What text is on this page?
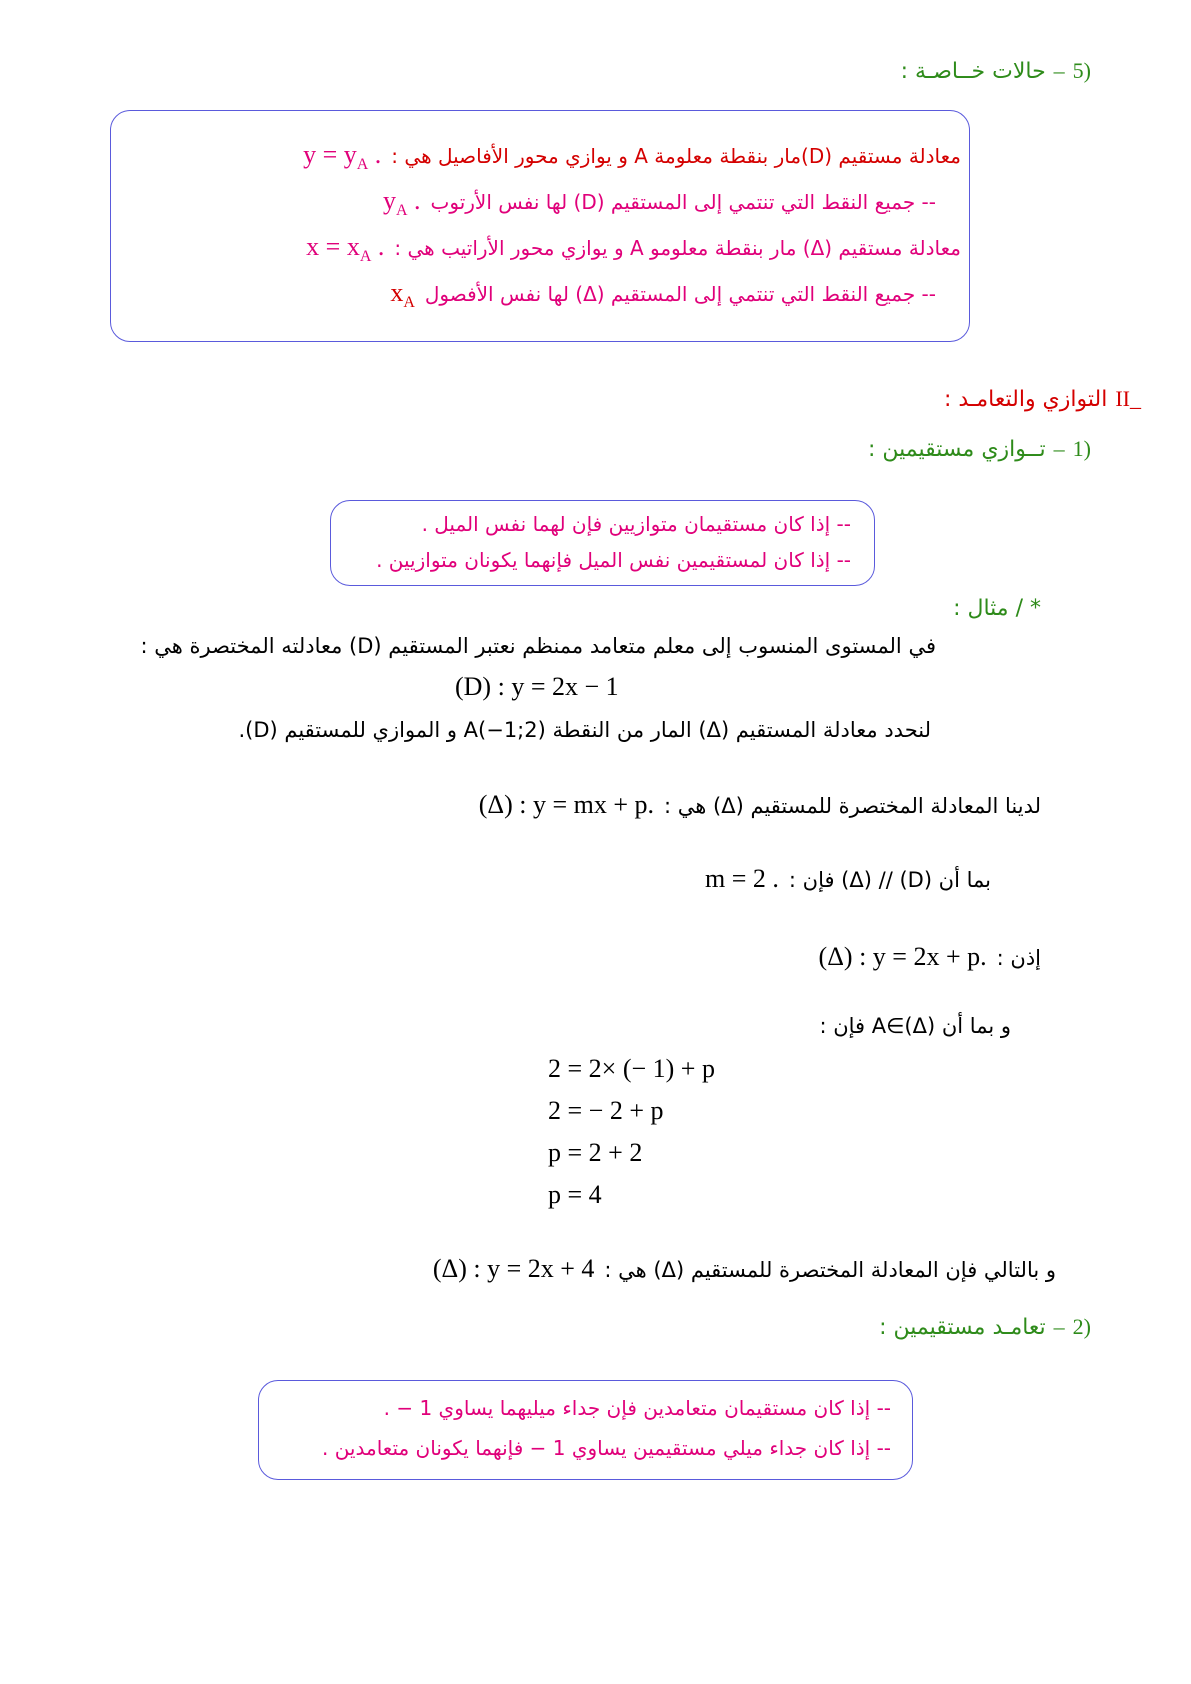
5)
–
حالات خــاصـة :
معادلة مستقيم (D)مار بنقطة معلومة A و يوازي محور الأفاصيل هي :
$y = y_A$ .
-- جميع النقط التي تنتمي إلى المستقيم (D) لها نفس الأرتوب
$y_A$ .
معادلة مستقيم (Δ) مار بنقطة معلومو A و يوازي محور الأراتيب هي :
$x = x_A$ .
-- جميع النقط التي تنتمي إلى المستقيم (Δ) لها نفس الأفصول
$x_A$
II_
التوازي والتعامـد :
1)
–
تــوازي مستقيمين :
-- إذا كان مستقيمان متوازيين فإن لهما نفس الميل .
-- إذا كان لمستقيمين نفس الميل فإنهما يكونان متوازيين .
* / مثال :
في المستوى المنسوب إلى معلم متعامد ممنظم نعتبر المستقيم (D) معادلته المختصرة هي :
(D) : y = 2x − 1
لنحدد معادلة المستقيم (Δ) المار من النقطة A(−1;2) و الموازي للمستقيم (D).
لدينا المعادلة المختصرة للمستقيم (Δ) هي :
(Δ) : y = mx + p.
بما أن (D) // (Δ) فإن :
m = 2 .
إذن :
(Δ) : y = 2x + p.
و بما أن A∈(Δ) فإن :
2 = 2× (− 1) + p
2 = − 2 + p
p = 2 + 2
p = 4
و بالتالي فإن المعادلة المختصرة للمستقيم (Δ) هي :
(Δ) : y = 2x + 4
2)
–
تعامـد مستقيمين :
-- إذا كان مستقيمان متعامدين فإن جداء ميليهما يساوي 1 − .
-- إذا كان جداء ميلي مستقيمين يساوي 1 − فإنهما يكونان متعامدين .
